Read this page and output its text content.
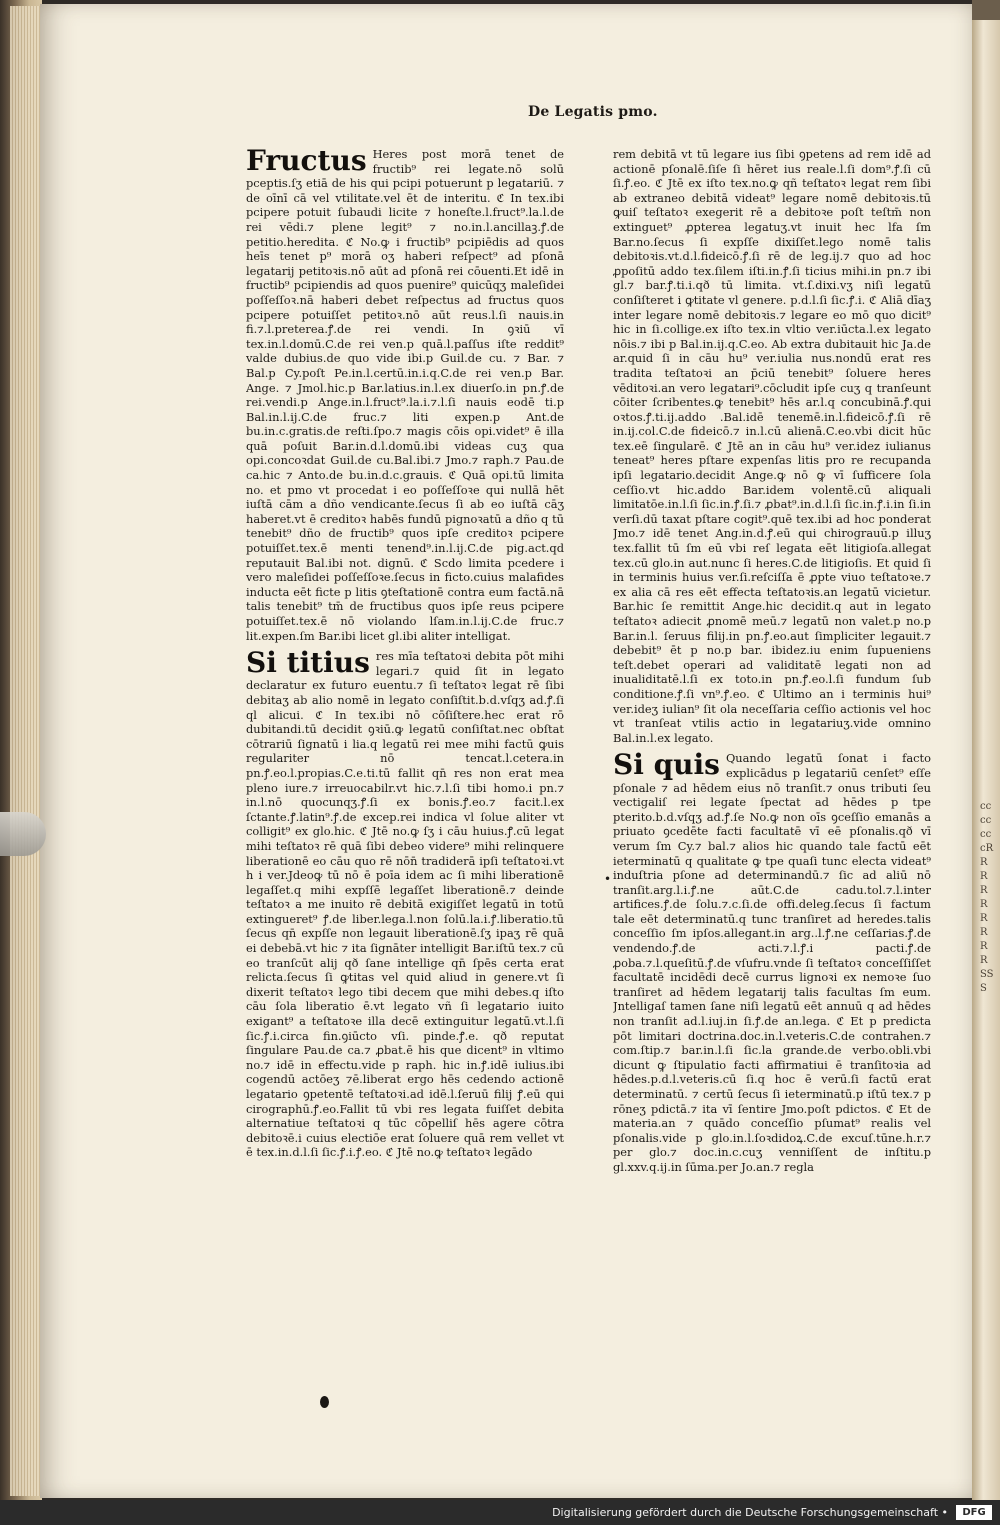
De Legatis pmo.

Fructus Heres post morā tenet de fructib⁹ rei legate.nō solū pceptis.ſʒ etiā de his qui pcipi potuerunt p legatariū. ⁊ de oīnī cā vel vtilitate.vel ēt de interitu. ℭ In tex.ibi pcipere potuit ſubaudi licite ⁊ honeſte.l.fruct⁹.la.l.de rei vēdi.⁊ plene legit⁹ ⁊ no.in.l.ancillaꝫ.ꝭ.de petitio.heredita. ℭ No.ꝙ i fructib⁹ pcipiēdis ad quos heīs tenet p⁹ morā oʒ haberi reſpect⁹ ad pſonā legatarij petitoꝛis.nō aūt ad pſonā rei cōuenti.Et idē in fructib⁹ pcipiendis ad quos puenire⁹ quicūqʒ maleſidei poſſeſſoꝛ.nā haberi debet reſpectus ad fructus quos pcipere potuiſſet petitoꝛ.nō aūt reus.l.ſi nauis.in fi.⁊.l.preterea.ꝭ.de rei vendi. In ꝯꝛiū vī tex.in.l.domū.C.de rei ven.p quā.l.paſſus iſte reddit⁹ valde dubius.de quo vide ibi.p Guil.de cu. ⁊ Bar. ⁊ Bal.p Cy.poſt Pe.in.l.certū.in.i.q.C.de rei ven.p Bar. Ange. ⁊ Jmol.hic.p Bar.latius.in.l.ex diuerſo.in pn.ꝭ.de rei.vendi.p Ange.in.l.fruct⁹.la.i.⁊.l.ſi nauis eodē ti.p Bal.in.l.ij.C.de fruc.⁊ liti expen.p Ant.de bu.in.c.gratis.de reſti.ſpo.⁊ magis cōis opi.videt⁹ ē illa quā poſuit Bar.in.d.l.domū.ibi videas cuʒ qua opi.concoꝛdat Guil.de cu.Bal.ibi.⁊ Jmo.⁊ raph.⁊ Pau.de ca.hic ⁊ Anto.de bu.in.d.c.grauis. ℭ Quā opi.tū limita no. et pmo vt procedat i eo poſſeſſoꝛe qui nullā hēt iuſtā cām a dño vendicante.ſecus ſi ab eo iuſtā cāʒ haberet.vt ē creditoꝛ habēs fundū pignoꝛatū a dño q tū tenebit⁹ dño de fructib⁹ quos ipſe creditoꝛ pcipere potuiſſet.tex.ē menti tenend⁹.in.l.ij.C.de pig.act.qd reputauit Bal.ibi not. dignū. ℭ Scdo limita pcedere i vero maleſidei poſſeſſoꝛe.ſecus in ficto.cuius malafides inducta eēt ficte p litis ꝯteſtationē contra eum factā.nā talis tenebit⁹ tm̄ de fructibus quos ipſe reus pcipere potuiſſet.tex.ē nō violando lſam.in.l.ij.C.de fruc.⁊ lit.expen.ſm Bar.ibi licet gl.ibi aliter intelligat.

Si titius res mīa teſtatoꝛi debita pōt mihi legari.⁊ quid ſit in legato declaratur ex futuro euentu.⁊ ſi teſtatoꝛ legat rē ſibi debitaʒ ab alio nomē in legato conſiſtit.b.d.vſqʒ ad.ꝭ.ſi ql alicui. ℭ In tex.ibi nō cōſiſtere.hec erat rō dubitandi.tū decidit ꝯꝛiū.ꝙ legatū conſiſtat.nec obſtat cōtrariū ſignatū i lia.q legatū rei mee mihi factū ꝙuis regulariter nō tencat.l.cetera.in pn.ꝭ.eo.l.propias.C.e.ti.tū fallit qn̄ res non erat mea pleno iure.⁊ irreuocabilr.vt hic.⁊.l.ſi tibi homo.i pn.⁊ in.l.nō quocunqʒ.ꝭ.ſi ex bonis.ꝭ.eo.⁊ facit.l.ex ſctante.ꝭ.latin⁹.ꝭ.de excep.rei indica vl ſolue aliter vt colligit⁹ ex glo.hic. ℭ Jtē no.ꝙ ſʒ i cāu huius.ꝭ.cū legat mihi teſtatoꝛ rē quā ſibi debeo videre⁹ mihi relinquere liberationē eo cāu quo rē nōn̄ tradiderā ipſi teſtatoꝛi.vt h i ver.Jdeoꝙ tū nō ē poīa idem ac ſi mihi liberationē legaſſet.q mihi expſſē legaſſet liberationē.⁊ deinde teſtatoꝛ a me inuito rē debitā exigiſſet legatū in totū extingueret⁹ ꝭ.de liber.lega.l.non ſolū.la.i.ꝭ.liberatio.tū ſecus qn̄ expſſe non legauit liberationē.ſʒ ipaʒ rē quā ei debebā.vt hic ⁊ ita ſignāter intelligit Bar.iſtū tex.⁊ cū eo tranſcūt alij qð ſane intellige qn̄ ſpēs certa erat relicta.ſecus ſi ꝙtitas vel quid aliud in genere.vt ſi dixerit teſtatoꝛ lego tibi decem que mihi debes.q iſto cāu ſola liberatio ē.vt legato vñ ſi legatario iuito exigant⁹ a teſtatoꝛe illa decē extinguitur legatū.vt.l.ſi ſic.ꝭ.i.circa fin.ꝯiūcto vſi. pinde.ꝭ.e. qð reputat ſingulare Pau.de ca.⁊ ꝓbat.ē his que dicent⁹ in vltimo no.⁊ idē in effectu.vide p raph. hic in.ꝭ.idē iulius.ibi cogendū actōeʒ ⁊ē.liberat ergo hēs cedendo actionē legatario ꝯpetentē teſtatoꝛi.ad idē.l.ſeruū filij ꝭ.eū qui cirographū.ꝭ.eo.Fallit tū vbi res legata fuiſſet debita alternatiue teſtatoꝛi q tūc cōpelliſ hēs agere cōtra debitoꝛē.i cuius electiōe erat ſoluere quā rem vellet vt ē tex.in.d.l.ſi ſic.ꝭ.i.ꝭ.eo. ℭ Jtē no.ꝙ teſtatoꝛ legādo

rem debitā vt tū legare ius ſibi ꝯpetens ad rem idē ad actionē pſonalē.ſiſe ſi hēret ius reale.l.ſi dom⁹.ꝭ.ſi cū ſi.ꝭ.eo. ℭ Jtē ex iſto tex.no.ꝙ qñ teſtatoꝛ legat rem ſibi ab extraneo debitā videat⁹ legare nomē debitoꝛis.tū ꝙuiſ teſtatoꝛ exegerit rē a debitoꝛe poſt teſtm̄ non extinguet⁹ ꝓpterea legatuʒ.vt inuit hec lfa ſm Bar.no.ſecus ſi expſſe dixiſſet.lego nomē talis debitoꝛis.vt.d.l.fideicō.ꝭ.ſi rē de leg.ij.⁊ quo ad hoc ꝓpoſitū addo tex.ſilem iſti.in.ꝭ.ſi ticius mihi.in pn.⁊ ibi gl.⁊ bar.ꝭ.ti.i.qð tū limita. vt.ſ.dixi.vʒ niſi legatū conſiſteret i ꝙtitate vl genere. p.d.l.ſi ſic.ꝭ.i. ℭ Aliā dīaʒ inter legare nomē debitoꝛis.⁊ legare eo mō quo dicit⁹ hic in ſi.collige.ex iſto tex.in vltio ver.iūcta.l.ex legato nōis.⁊ ibi p Bal.in.ij.q.C.eo. Ab extra dubitauit hic Ja.de ar.quid ſi in cāu hu⁹ ver.iulia nus.nondū erat res tradita teſtatoꝛi an p̄ciū tenebit⁹ ſoluere heres vēditoꝛi.an vero legatari⁹.cōcludit ipſe cuʒ q tranſeunt cōiter ſcribentes.ꝙ tenebit⁹ hēs ar.l.q concubinā.ꝭ.qui oꝛtos.ꝭ.ti.ij.addo .Bal.idē tenemē.in.l.fideicō.ꝭ.ſi rē in.ij.col.C.de fideicō.⁊ in.l.cū alienā.C.eo.vbi dicit hūc tex.eē ſingularē. ℭ Jtē an in cāu hu⁹ ver.idez iulianus teneat⁹ heres pſtare expenſas litis pro re recupanda ipſi legatario.decidit Ange.ꝙ nō ꝙ vī ſufficere ſola ceſſio.vt hic.addo Bar.idem volentē.cū aliquali limitatōe.in.l.ſi ſic.in.ꝭ.ſi.⁊ ꝓbat⁹.in.d.l.ſi ſic.in.ꝭ.i.in ſi.in verſi.dū taxat pſtare cogit⁹.quē tex.ibi ad hoc ponderat Jmo.⁊ idē tenet Ang.in.d.ꝭ.eū qui chirograuū.p illuʒ tex.fallit tū ſm eū vbi reſ legata eēt litigioſa.allegat tex.cū glo.in aut.nunc ſi heres.C.de litigioſis. Et quid ſi in terminis huius ver.ſi.reſciſſa ē ꝓpte viuo teſtatoꝛe.⁊ ex alia cā res eēt effecta teſtatoꝛis.an legatū vicietur. Bar.hic ſe remittit Ange.hic decidit.q aut in legato teſtatoꝛ adiecit ꝓnomē meū.⁊ legatū non valet.p no.p Bar.in.l. ſeruus filij.in pn.ꝭ.eo.aut ſimpliciter legauit.⁊ debebit⁹ ēt p no.p bar. ibidez.iu enim ſupueniens teſt.debet operari ad validitatē legati non ad inualiditatē.l.ſi ex toto.in pn.ꝭ.eo.l.ſi fundum ſub conditione.ꝭ.ſi vn⁹.ꝭ.eo. ℭ Ultimo an i terminis hui⁹ ver.ideʒ iulian⁹ ſit ola neceſſaria ceſſio actionis vel hoc vt tranſeat vtilis actio in legatariuʒ.vide omnino Bal.in.l.ex legato.

Si quis Quando legatū ſonat i facto explicādus p legatariū cenſet⁹ eſſe pſonale ⁊ ad hēdem eius nō tranſit.⁊ onus tributi ſeu vectigaliſ rei legate ſpectat ad hēdes p tpe pterito.b.d.vſqʒ ad.ꝭ.ſe No.ꝙ non oīs ꝯceſſio emanās a priuato ꝯcedēte facti facultatē vī eē pſonalis.qð vī verum ſm Cy.⁊ bal.⁊ alios hic quando tale factū eēt ieterminatū q qualitate ꝙ tpe quaſi tunc electa videat⁹ induſtria pſone ad determinandū.⁊ ſic ad aliū nō tranſit.arg.l.i.ꝭ.ne aūt.C.de cadu.tol.⁊.l.inter artifices.ꝭ.de ſolu.⁊.c.ſi.de offi.deleg.ſecus ſi factum tale eēt determinatū.q tunc tranſiret ad heredes.talis conceſſio ſm ipſos.allegant.in arg..l.ꝭ.ne ceſſarias.ꝭ.de vendendo.ꝭ.de acti.⁊.l.ꝭ.i pacti.ꝭ.de ꝓoba.⁊.l.queſitū.ꝭ.de vſufru.vnde ſi teſtatoꝛ conceſſiſſet facultatē incidēdi decē currus lignoꝛi ex nemoꝛe ſuo tranſiret ad hēdem legatarij talis facultas ſm eum. Jntelligaſ tamen ſane niſi legatū eēt annuū q ad hēdes non tranſit ad.l.iuj.in ſi.ꝭ.de an.lega. ℭ Et p predicta pōt limitari doctrina.doc.in.l.veteris.C.de contrahen.⁊ com.ſtip.⁊ bar.in.l.ſi ſic.la grande.de verbo.obli.vbi dicunt ꝙ ſtipulatio facti affirmatiui ē tranſitoꝛia ad hēdes.p.d.l.veteris.cū ſi.q hoc ē verū.ſi factū erat determinatū. ⁊ certū ſecus ſi ieterminatū.p iſtū tex.⁊ p rōneʒ pdictā.⁊ ita vī ſentire Jmo.poſt pdictos. ℭ Et de materia.an ⁊ quādo conceſſio pſumat⁹ realis vel pſonalis.vide p glo.in.l.ſoꝛdidoꝝ.C.de excuſ.tūne.h.r.⁊ per glo.⁊ doc.in.c.cuʒ venniſſent de inſtitu.p gl.xxv.q.ij.in ſūma.per Jo.an.⁊ regla

•
cccccccRRRRRRRRRSSS
Digitalisierung gefördert durch die Deutsche Forschungsgemeinschaft •	DFG
